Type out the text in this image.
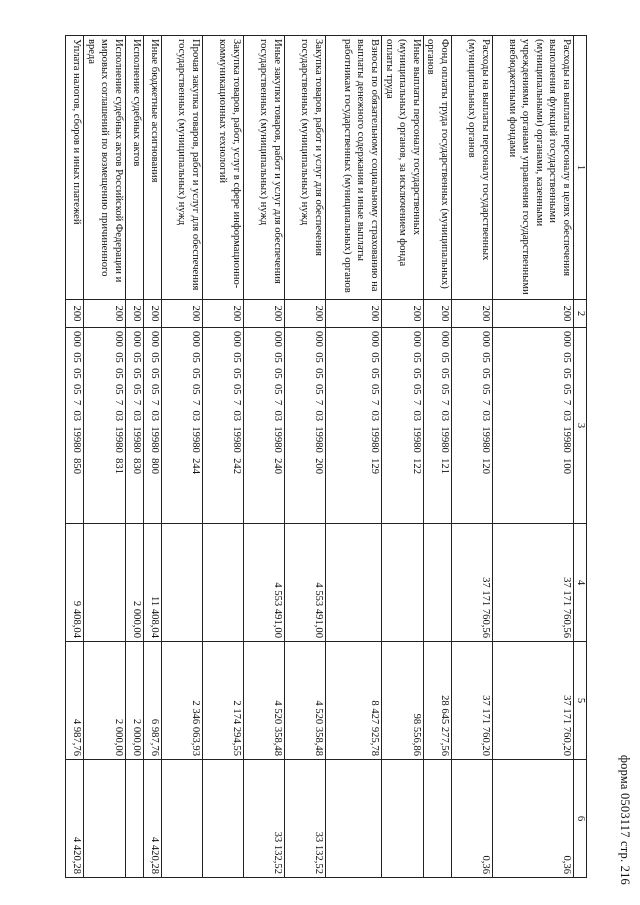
форма 0503117 стр. 216
1	2	3	4	5	6
Расходы на выплаты персоналу в целях обеспечения выполнения функций государственными (муниципальными) органами, казенными учреждениями, органами управления государственными внебюджетными фондами	200	000  05  05  05  7  03  19980  100	37 171 760,56	37 171 760,20	0,36
Расходы на выплаты персоналу государственных (муниципальных) органов	200	000  05  05  05  7  03  19980  120	37 171 760,56	37 171 760,20	0,36
Фонд оплаты труда государственных (муниципальных) органов	200	000  05  05  05  7  03  19980  121		28 645 277,56	
Иные выплаты персоналу государственных (муниципальных) органов, за исключением фонда оплаты труда	200	000  05  05  05  7  03  19980  122		98 556,86	
Взносы по обязательному социальному страхованию на выплаты денежного содержания и иные выплаты работникам государственных (муниципальных) органов	200	000  05  05  05  7  03  19980  129		8 427 925,78	
Закупка товаров, работ и услуг для обеспечения государственных (муниципальных) нужд	200	000  05  05  05  7  03  19980  200	4 553 491,00	4 520 358,48	33 132,52
Иные закупки товаров, работ и услуг для обеспечения государственных (муниципальных) нужд	200	000  05  05  05  7  03  19980  240	4 553 491,00	4 520 358,48	33 132,52
Закупка товаров, работ, услуг в сфере информационно-коммуникационных технологий	200	000  05  05  05  7  03  19980  242		2 174 294,55	
Прочая закупка товаров, работ и услуг для обеспечения государственных (муниципальных) нужд	200	000  05  05  05  7  03  19980  244		2 346 063,93	
Иные бюджетные ассигнования	200	000  05  05  05  7  03  19980  800	11 408,04	6 987,76	4 420,28
Исполнение судебных актов	200	000  05  05  05  7  03  19980  830	2 000,00	2 000,00	
Исполнение судебных актов Российской Федерации и мировых соглашений по возмещению причиненного вреда	200	000  05  05  05  7  03  19980  831		2 000,00	
Уплата налогов, сборов и иных платежей	200	000  05  05  05  7  03  19980  850	9 408,04	4 987,76	4 420,28
